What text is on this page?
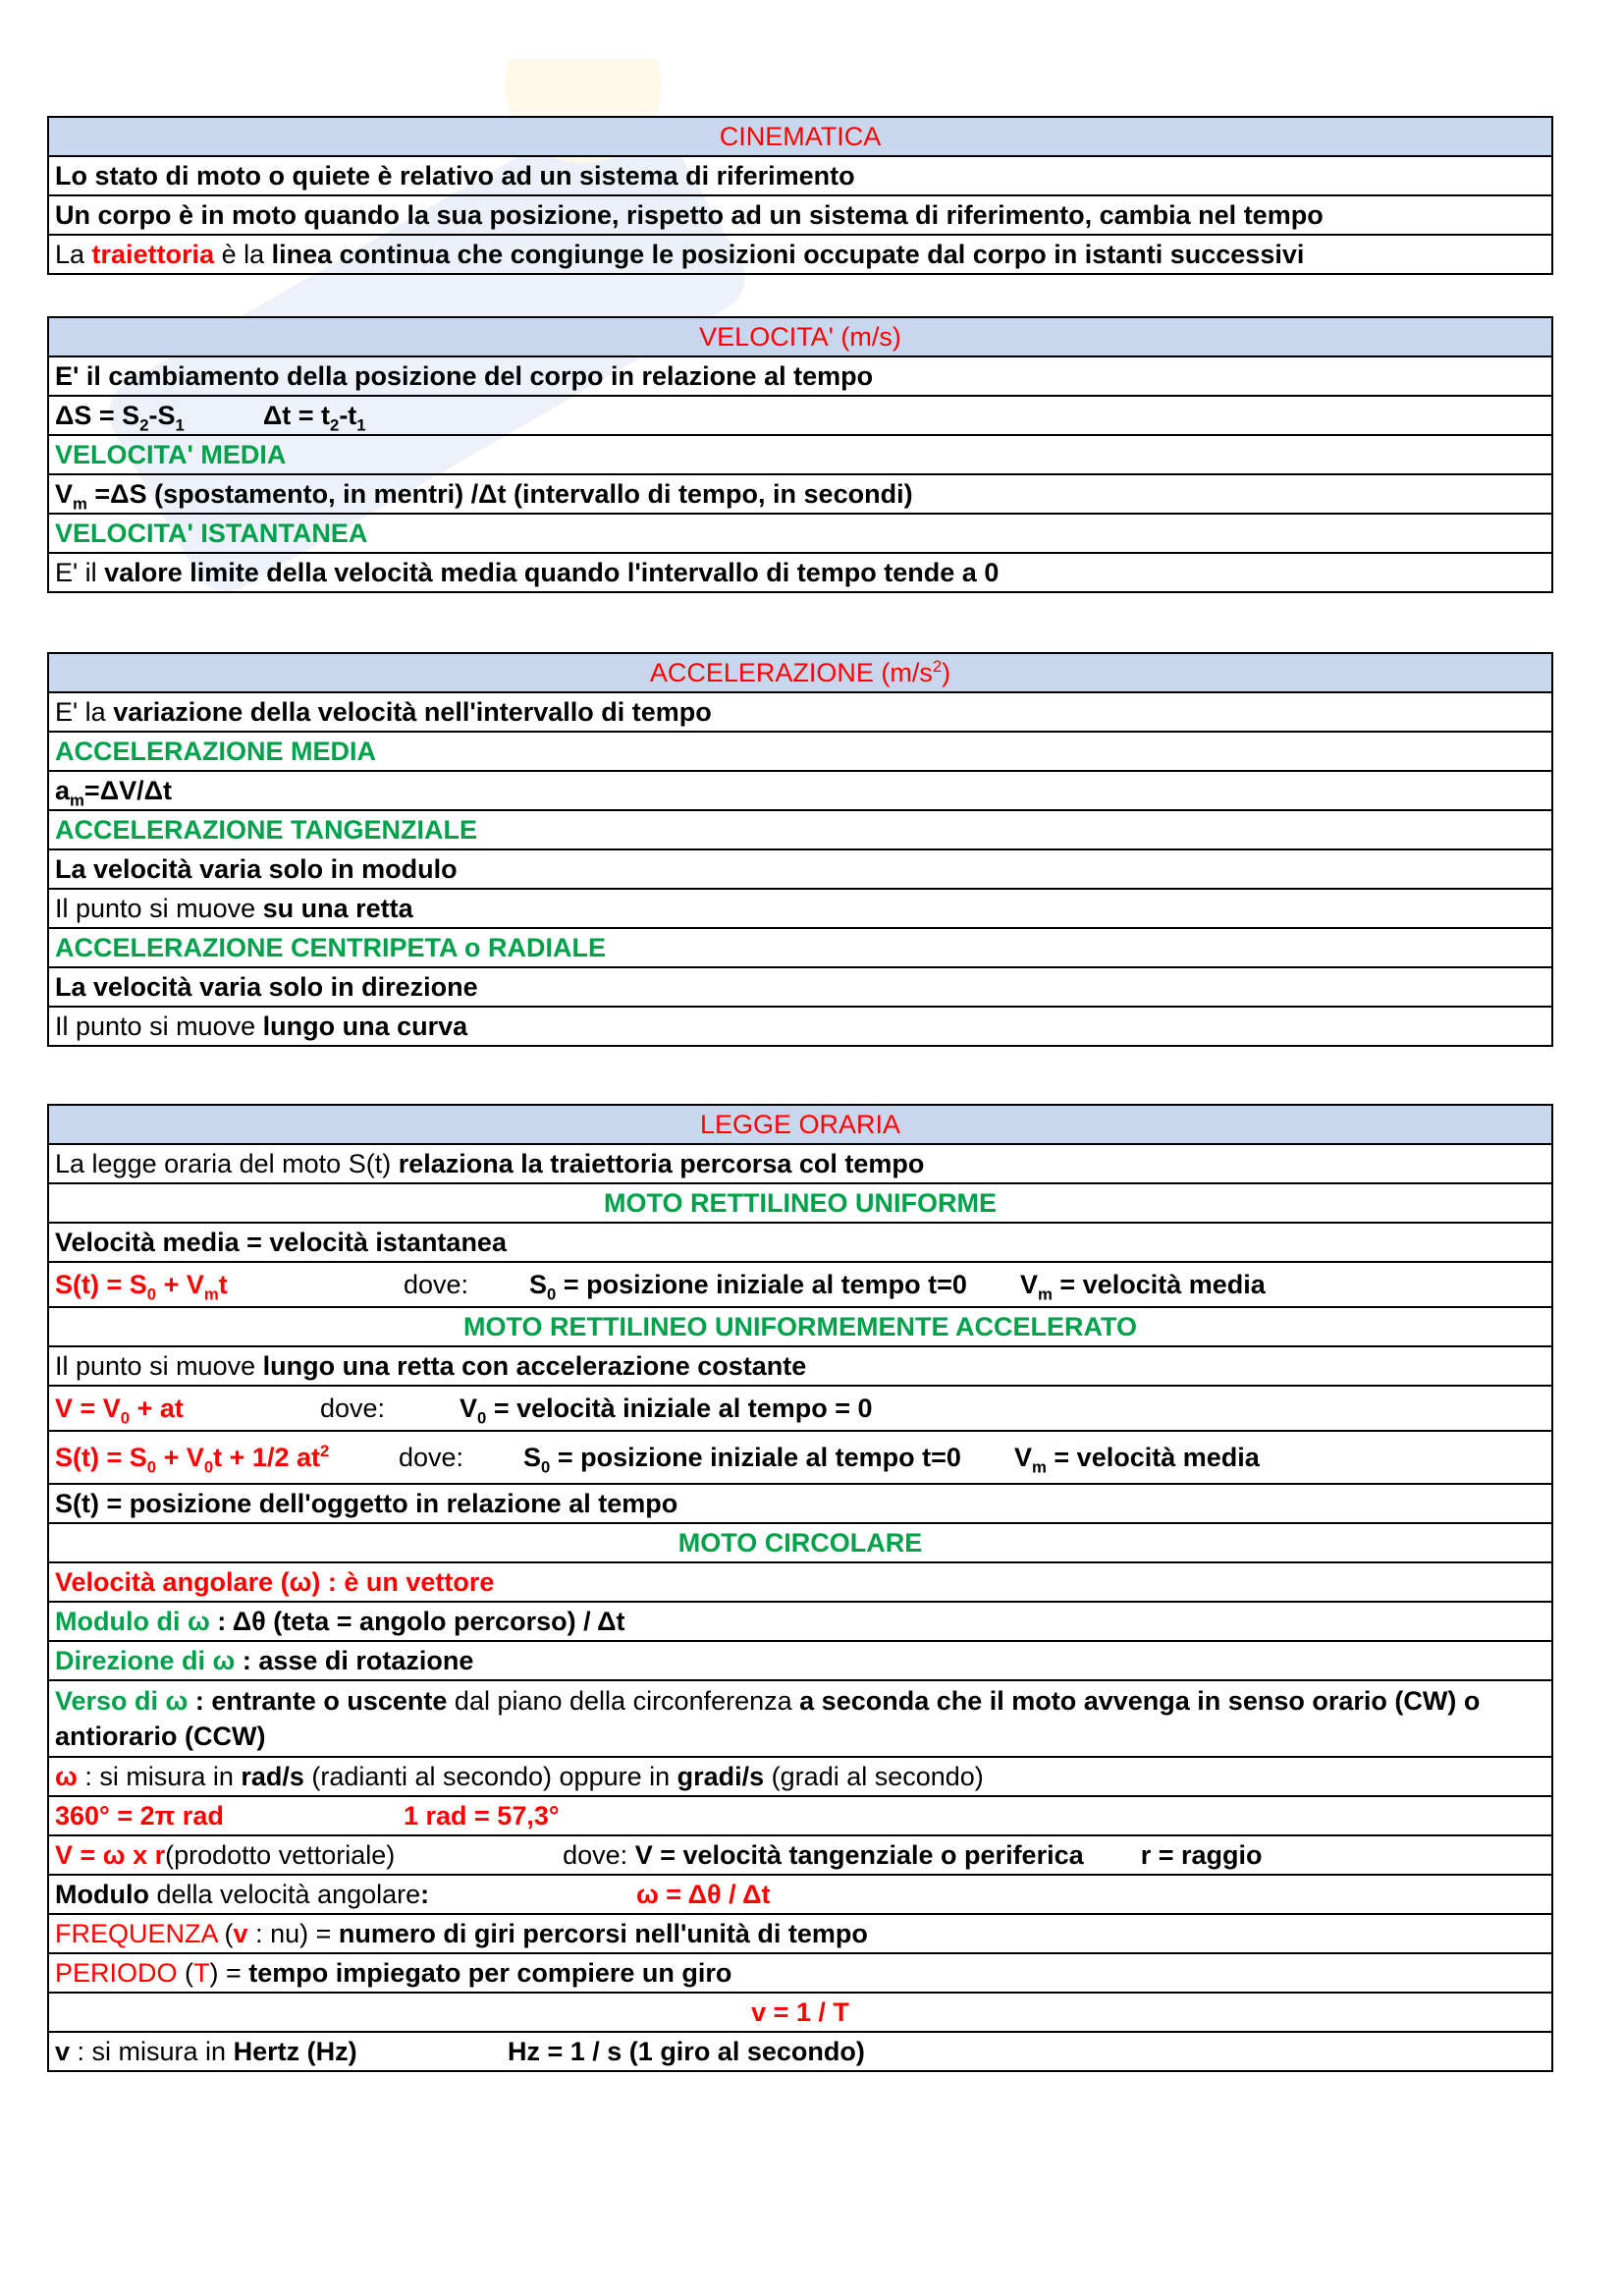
CINEMATICA
Lo stato di moto o quiete è relativo ad un sistema di riferimento
Un corpo è in moto quando la sua posizione, rispetto ad un sistema di riferimento, cambia nel tempo
La traiettoria è la linea continua che congiunge le posizioni occupate dal corpo in istanti successivi
VELOCITA' (m/s)
E' il cambiamento della posizione del corpo in relazione al tempo
$\Delta S = S_2-S_1$	$\Delta t = t_2-t_1$
VELOCITA' MEDIA
$V_m =\Delta S$ (spostamento, in mentri) /Δt (intervallo di tempo, in secondi)
VELOCITA' ISTANTANEA
E' il valore limite della velocità media quando l'intervallo di tempo tende a 0
ACCELERAZIONE $(m/s^2)$
E' la variazione della velocità nell'intervallo di tempo
ACCELERAZIONE MEDIA
$a_m=\Delta V/\Delta t$
ACCELERAZIONE TANGENZIALE
La velocità varia solo in modulo
Il punto si muove su una retta
ACCELERAZIONE CENTRIPETA o RADIALE
La velocità varia solo in direzione
Il punto si muove lungo una curva
LEGGE ORARIA
La legge oraria del moto S(t) relaziona la traiettoria percorsa col tempo
MOTO RETTILINEO UNIFORME
Velocità media = velocità istantanea
$S(t) = S_0 + V_mt$	dove: $S_0$ = posizione iniziale al tempo t=0 $V_m$ = velocità media
MOTO RETTILINEO UNIFORMEMENTE ACCELERATO
Il punto si muove lungo una retta con accelerazione costante
$V = V_0$ + at	dove:	$V_0$ = velocità iniziale al tempo = 0
$S(t) = S_0 + V_0t + 1/2$ $at^2$	dove: $S_0$ = posizione iniziale al tempo t=0 $V_m$ = velocità media
S(t) = posizione dell'oggetto in relazione al tempo
MOTO CIRCOLARE
Velocità angolare (ω) : è un vettore
Modulo di ω : Δθ (teta = angolo percorso) / Δt
Direzione di ω : asse di rotazione
Verso di ω : entrante o uscente dal piano della circonferenza a seconda che il moto avvenga in senso orario (CW) o antiorario (CCW)
ω : si misura in rad/s (radianti al secondo) oppure in gradi/s (gradi al secondo)
360° = 2π rad	1 rad = 57,3°
V = ω x r(prodotto vettoriale)	dove: V = velocità tangenziale o periferica r = raggio
Modulo della velocità angolare:	ω = Δθ / Δt
FREQUENZA (v : nu) = numero di giri percorsi nell'unità di tempo
PERIODO (T) = tempo impiegato per compiere un giro
v = 1 / T
v : si misura in Hertz (Hz)	Hz = 1 / s (1 giro al secondo)
